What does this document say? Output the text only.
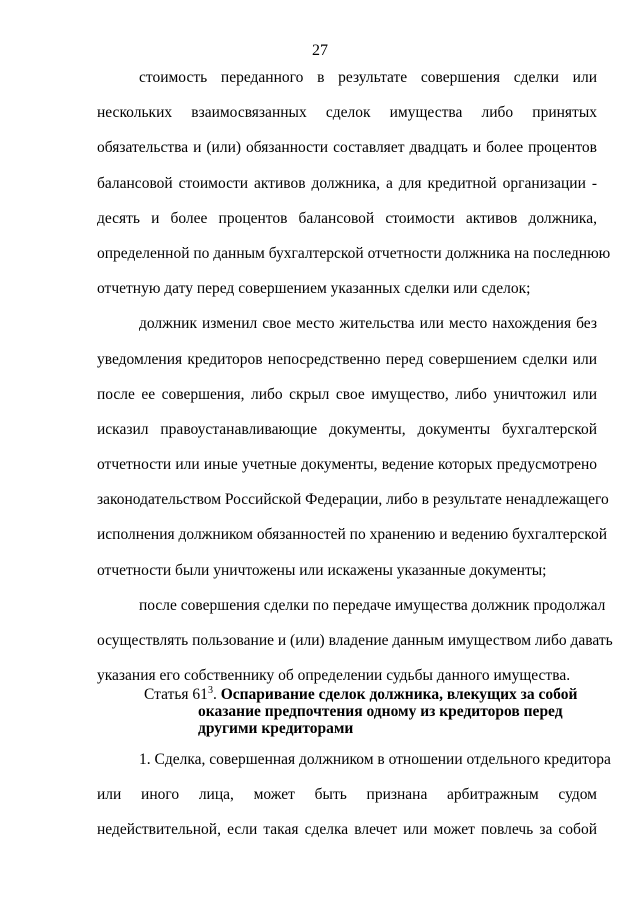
27
стоимость переданного в результате совершения сделки или
нескольких взаимосвязанных сделок имущества либо принятых
обязательства и (или) обязанности составляет двадцать и более процентов
балансовой стоимости активов должника, а для кредитной организации -
десять и более процентов балансовой стоимости активов должника,
определенной по данным бухгалтерской отчетности должника на последнюю
отчетную дату перед совершением указанных сделки или сделок;
должник изменил свое место жительства или место нахождения без
уведомления кредиторов непосредственно перед совершением сделки или
после ее совершения, либо скрыл свое имущество, либо уничтожил или
исказил правоустанавливающие документы, документы бухгалтерской
отчетности или иные учетные документы, ведение которых предусмотрено
законодательством Российской Федерации, либо в результате ненадлежащего
исполнения должником обязанностей по хранению и ведению бухгалтерской
отчетности были уничтожены или искажены указанные документы;
после совершения сделки по передаче имущества должник продолжал
осуществлять пользование и (или) владение данным имуществом либо давать
указания его собственнику об определении судьбы данного имущества.
Статья $61^3$. Оспаривание сделок должника, влекущих за собой
оказание предпочтения одному из кредиторов перед
другими кредиторами
1. Сделка, совершенная должником в отношении отдельного кредитора
или иного лица, может быть признана арбитражным судом
недействительной, если такая сделка влечет или может повлечь за собой
